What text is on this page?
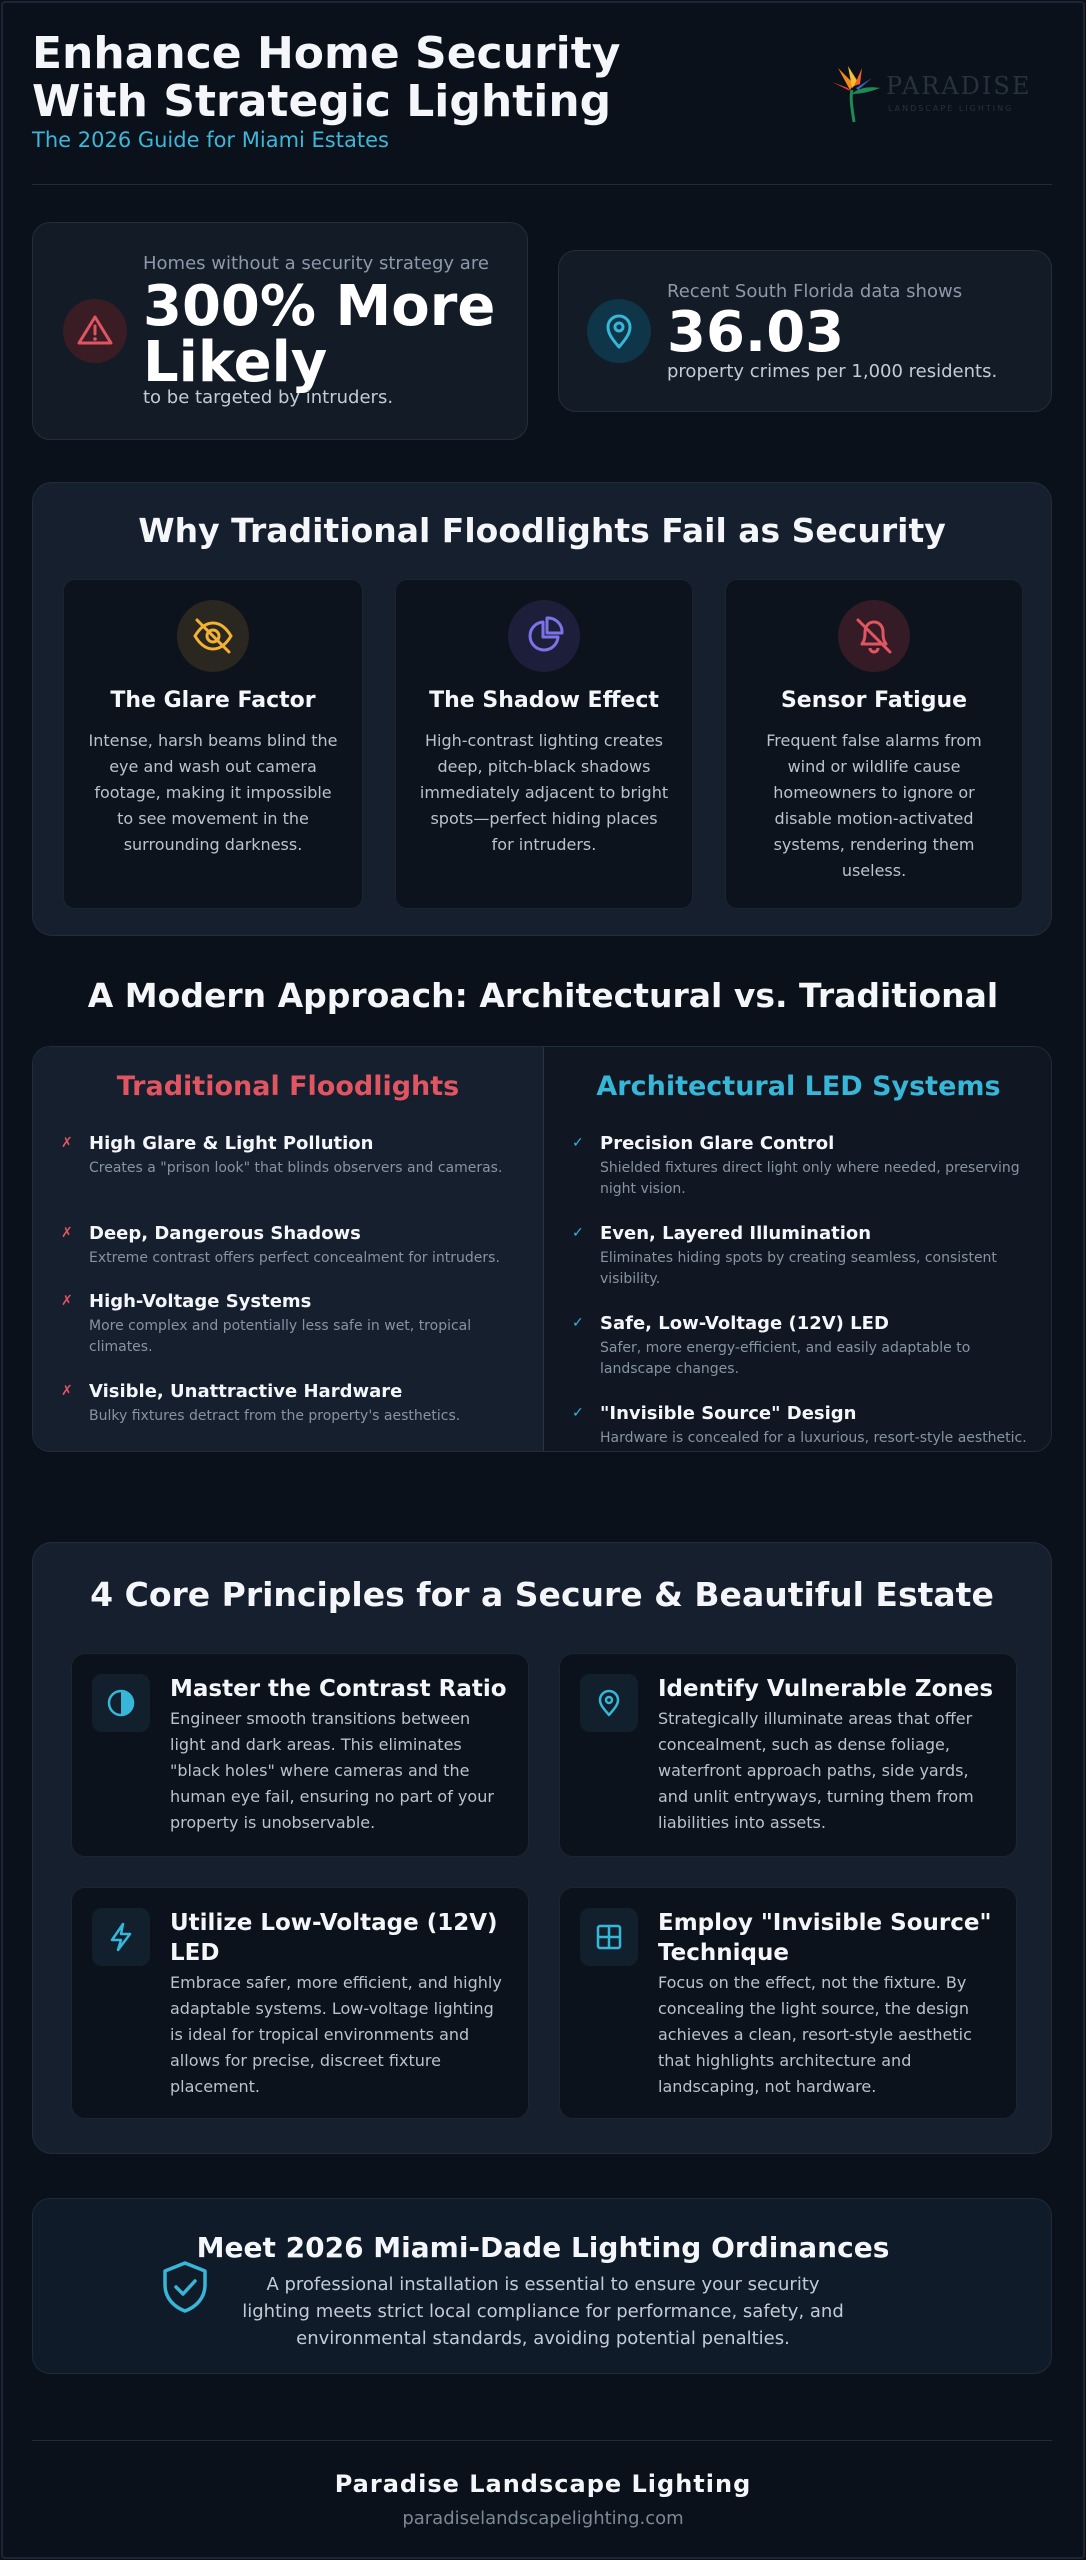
Enhance Home Security With Strategic Lighting
The 2026 Guide for Miami Estates
PARADISE
LANDSCAPE LIGHTING
Homes without a security strategy are
300% More Likely
to be targeted by intruders.
Recent South Florida data shows
36.03
property crimes per 1,000 residents.
Why Traditional Floodlights Fail as Security
The Glare Factor
Intense, harsh beams blind the eye and wash out camera footage, making it impossible to see movement in the surrounding darkness.
The Shadow Effect
High-contrast lighting creates deep, pitch-black shadows immediately adjacent to bright spots—perfect hiding places for intruders.
Sensor Fatigue
Frequent false alarms from wind or wildlife cause homeowners to ignore or disable motion-activated systems, rendering them useless.
A Modern Approach: Architectural vs. Traditional
Traditional Floodlights
✗ High Glare & Light Pollution
Creates a "prison look" that blinds observers and cameras.
✗ Deep, Dangerous Shadows
Extreme contrast offers perfect concealment for intruders.
✗ High-Voltage Systems
More complex and potentially less safe in wet, tropical climates.
✗ Visible, Unattractive Hardware
Bulky fixtures detract from the property's aesthetics.
Architectural LED Systems
✓ Precision Glare Control
Shielded fixtures direct light only where needed, preserving night vision.
✓ Even, Layered Illumination
Eliminates hiding spots by creating seamless, consistent visibility.
✓ Safe, Low-Voltage (12V) LED
Safer, more energy-efficient, and easily adaptable to landscape changes.
✓ "Invisible Source" Design
Hardware is concealed for a luxurious, resort-style aesthetic.
4 Core Principles for a Secure & Beautiful Estate
Master the Contrast Ratio
Engineer smooth transitions between light and dark areas. This eliminates "black holes" where cameras and the human eye fail, ensuring no part of your property is unobservable.
Identify Vulnerable Zones
Strategically illuminate areas that offer concealment, such as dense foliage, waterfront approach paths, side yards, and unlit entryways, turning them from liabilities into assets.
Utilize Low-Voltage (12V) LED
Embrace safer, more efficient, and highly adaptable systems. Low-voltage lighting is ideal for tropical environments and allows for precise, discreet fixture placement.
Employ "Invisible Source" Technique
Focus on the effect, not the fixture. By concealing the light source, the design achieves a clean, resort-style aesthetic that highlights architecture and landscaping, not hardware.
Meet 2026 Miami-Dade Lighting Ordinances
A professional installation is essential to ensure your security lighting meets strict local compliance for performance, safety, and environmental standards, avoiding potential penalties.
Paradise Landscape Lighting
paradiselandscapelighting.com
